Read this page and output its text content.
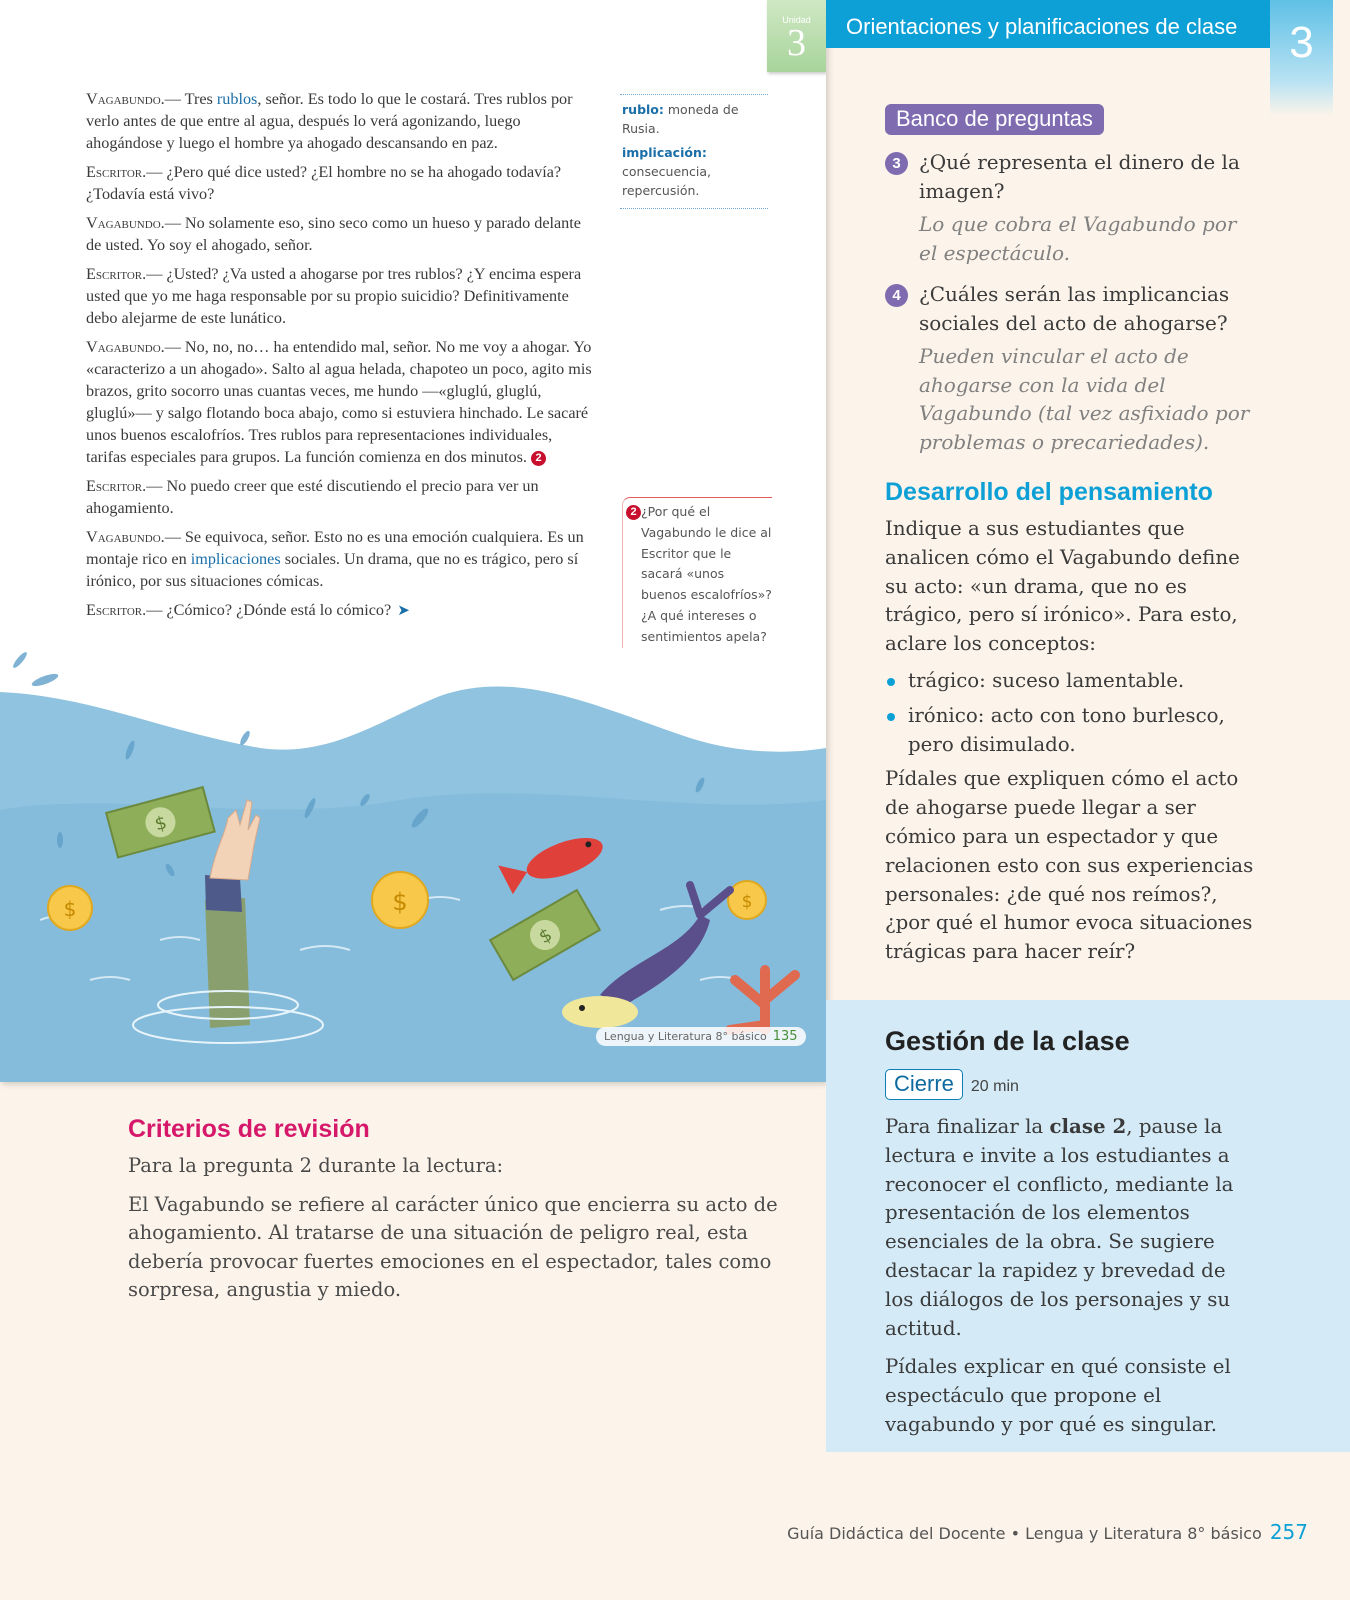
Unidad
3

Vagabundo.— Tres rublos, señor. Es todo lo que le costará. Tres rublos por verlo antes de que entre al agua, después lo verá agonizando, luego ahogándose y luego el hombre ya ahogado descansando en paz.

Escritor.— ¿Pero qué dice usted? ¿El hombre no se ha ahogado todavía? ¿Todavía está vivo?

Vagabundo.— No solamente eso, sino seco como un hueso y parado delante de usted. Yo soy el ahogado, señor.

Escritor.— ¿Usted? ¿Va usted a ahogarse por tres rublos? ¿Y encima espera usted que yo me haga responsable por su propio suicidio? Definitivamente debo alejarme de este lunático.

Vagabundo.— No, no, no… ha entendido mal, señor. No me voy a ahogar. Yo «caracterizo a un ahogado». Salto al agua helada, chapoteo un poco, agito mis brazos, grito socorro unas cuantas veces, me hundo —«gluglú, gluglú, gluglú»— y salgo flotando boca abajo, como si estuviera hinchado. Le sacaré unos buenos escalofríos. Tres rublos para representaciones individuales, tarifas especiales para grupos. La función comienza en dos minutos. 2

Escritor.— No puedo creer que esté discutiendo el precio para ver un ahogamiento.

Vagabundo.— Se equivoca, señor. Esto no es una emoción cualquiera. Es un montaje rico en implicaciones sociales. Un drama, que no es trágico, pero sí irónico, por sus situaciones cómicas.

Escritor.— ¿Cómico? ¿Dónde está lo cómico? ➤

rublo: moneda de Rusia.
implicación:
consecuencia, repercusión.
2 ¿Por qué el Vagabundo le dice al Escritor que le sacará «unos buenos escalofríos»? ¿A qué intereses o sentimientos apela?
$
$
$	$	$
Lengua y Literatura 8° básico 135
Criterios de revisión

Para la pregunta 2 durante la lectura:

El Vagabundo se refiere al carácter único que encierra su acto de ahogamiento. Al tratarse de una situación de peligro real, esta debería provocar fuertes emociones en el espectador, tales como sorpresa, angustia y miedo.

Orientaciones y planificaciones de clase	3
Banco de preguntas
3 ¿Qué representa el dinero de la imagen?
Lo que cobra el Vagabundo por el espectáculo.
4 ¿Cuáles serán las implicancias sociales del acto de ahogarse?
Pueden vincular el acto de ahogarse con la vida del Vagabundo (tal vez asfixiado por problemas o precariedades).
Desarrollo del pensamiento

Indique a sus estudiantes que analicen cómo el Vagabundo define su acto: «un drama, que no es trágico, pero sí irónico». Para esto, aclare los conceptos:

trágico: suceso lamentable.
irónico: acto con tono burlesco, pero disimulado.

Pídales que expliquen cómo el acto de ahogarse puede llegar a ser cómico para un espectador y que relacionen esto con sus experiencias personales: ¿de qué nos reímos?, ¿por qué el humor evoca situaciones trágicas para hacer reír?

Gestión de la clase
Cierre	20 min

Para finalizar la clase 2, pause la lectura e invite a los estudiantes a reconocer el conflicto, mediante la presentación de los elementos esenciales de la obra. Se sugiere destacar la rapidez y brevedad de los diálogos de los personajes y su actitud.

Pídales explicar en qué consiste el espectáculo que propone el vagabundo y por qué es singular.

Guía Didáctica del Docente • Lengua y Literatura 8° básico 257
